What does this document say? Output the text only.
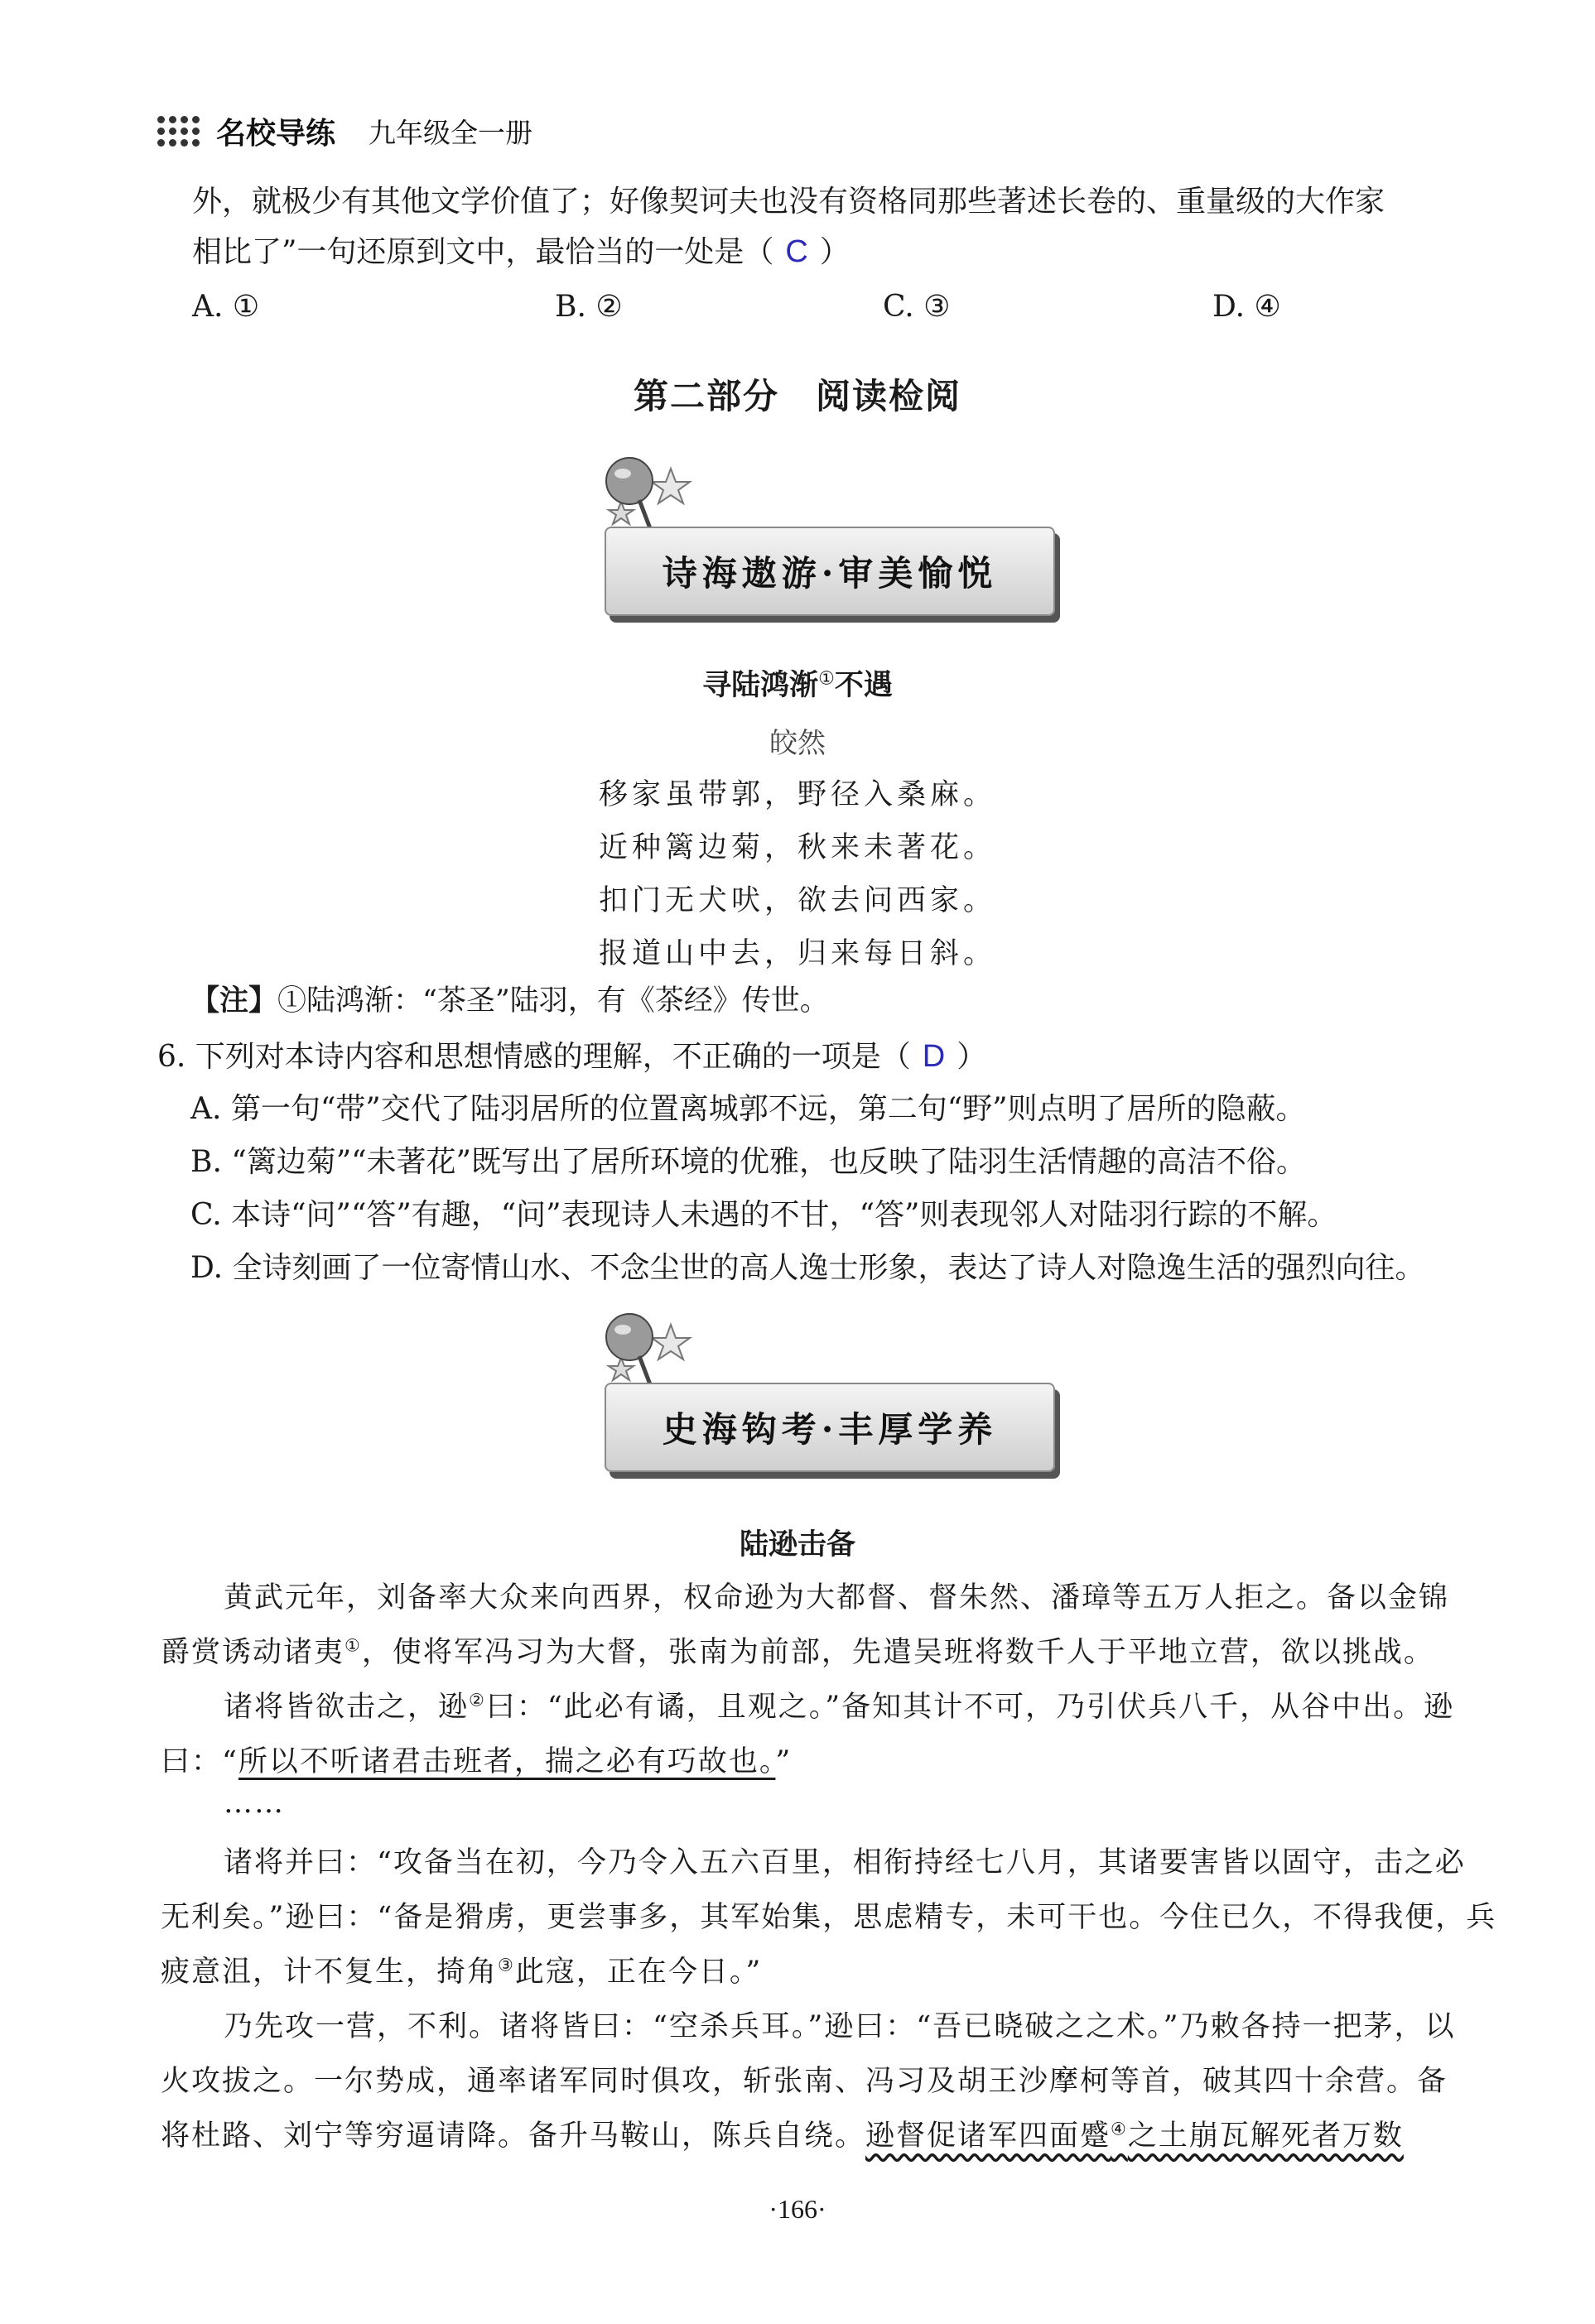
名校导练 九年级全一册
外，就极少有其他文学价值了；好像契诃夫也没有资格同那些著述长卷的、重量级的大作家
相比了”一句还原到文中，最恰当的一处是（ C ）
A. ①	B. ②	C. ③	D. ④
第二部分 阅读检阅
诗海遨游·审美愉悦
寻陆鸿渐①不遇
皎然
移家虽带郭，野径入桑麻。
近种篱边菊，秋来未著花。
扣门无犬吠，欲去问西家。
报道山中去，归来每日斜。
【注】①陆鸿渐：“茶圣”陆羽，有《茶经》传世。
6. 下列对本诗内容和思想情感的理解，不正确的一项是（ D ）
A. 第一句“带”交代了陆羽居所的位置离城郭不远，第二句“野”则点明了居所的隐蔽。
B. “篱边菊”“未著花”既写出了居所环境的优雅，也反映了陆羽生活情趣的高洁不俗。
C. 本诗“问”“答”有趣，“问”表现诗人未遇的不甘，“答”则表现邻人对陆羽行踪的不解。
D. 全诗刻画了一位寄情山水、不念尘世的高人逸士形象，表达了诗人对隐逸生活的强烈向往。
史海钩考·丰厚学养
陆逊击备
黄武元年，刘备率大众来向西界，权命逊为大都督、督朱然、潘璋等五万人拒之。备以金锦
爵赏诱动诸夷①，使将军冯习为大督，张南为前部，先遣吴班将数千人于平地立营，欲以挑战。
诸将皆欲击之，逊②曰：“此必有谲，且观之。”备知其计不可，乃引伏兵八千，从谷中出。逊
曰：“所以不听诸君击班者，揣之必有巧故也。”
……
诸将并曰：“攻备当在初，今乃令入五六百里，相衔持经七八月，其诸要害皆以固守，击之必
无利矣。”逊曰：“备是猾虏，更尝事多，其军始集，思虑精专，未可干也。今住已久，不得我便，兵
疲意沮，计不复生，掎角③此寇，正在今日。”
乃先攻一营，不利。诸将皆曰：“空杀兵耳。”逊曰：“吾已晓破之之术。”乃敕各持一把茅，以
火攻拔之。一尔势成，通率诸军同时俱攻，斩张南、冯习及胡王沙摩柯等首，破其四十余营。备
将杜路、刘宁等穷逼请降。备升马鞍山，陈兵自绕。逊督促诸军四面蹙④之土崩瓦解死者万数
·166·
